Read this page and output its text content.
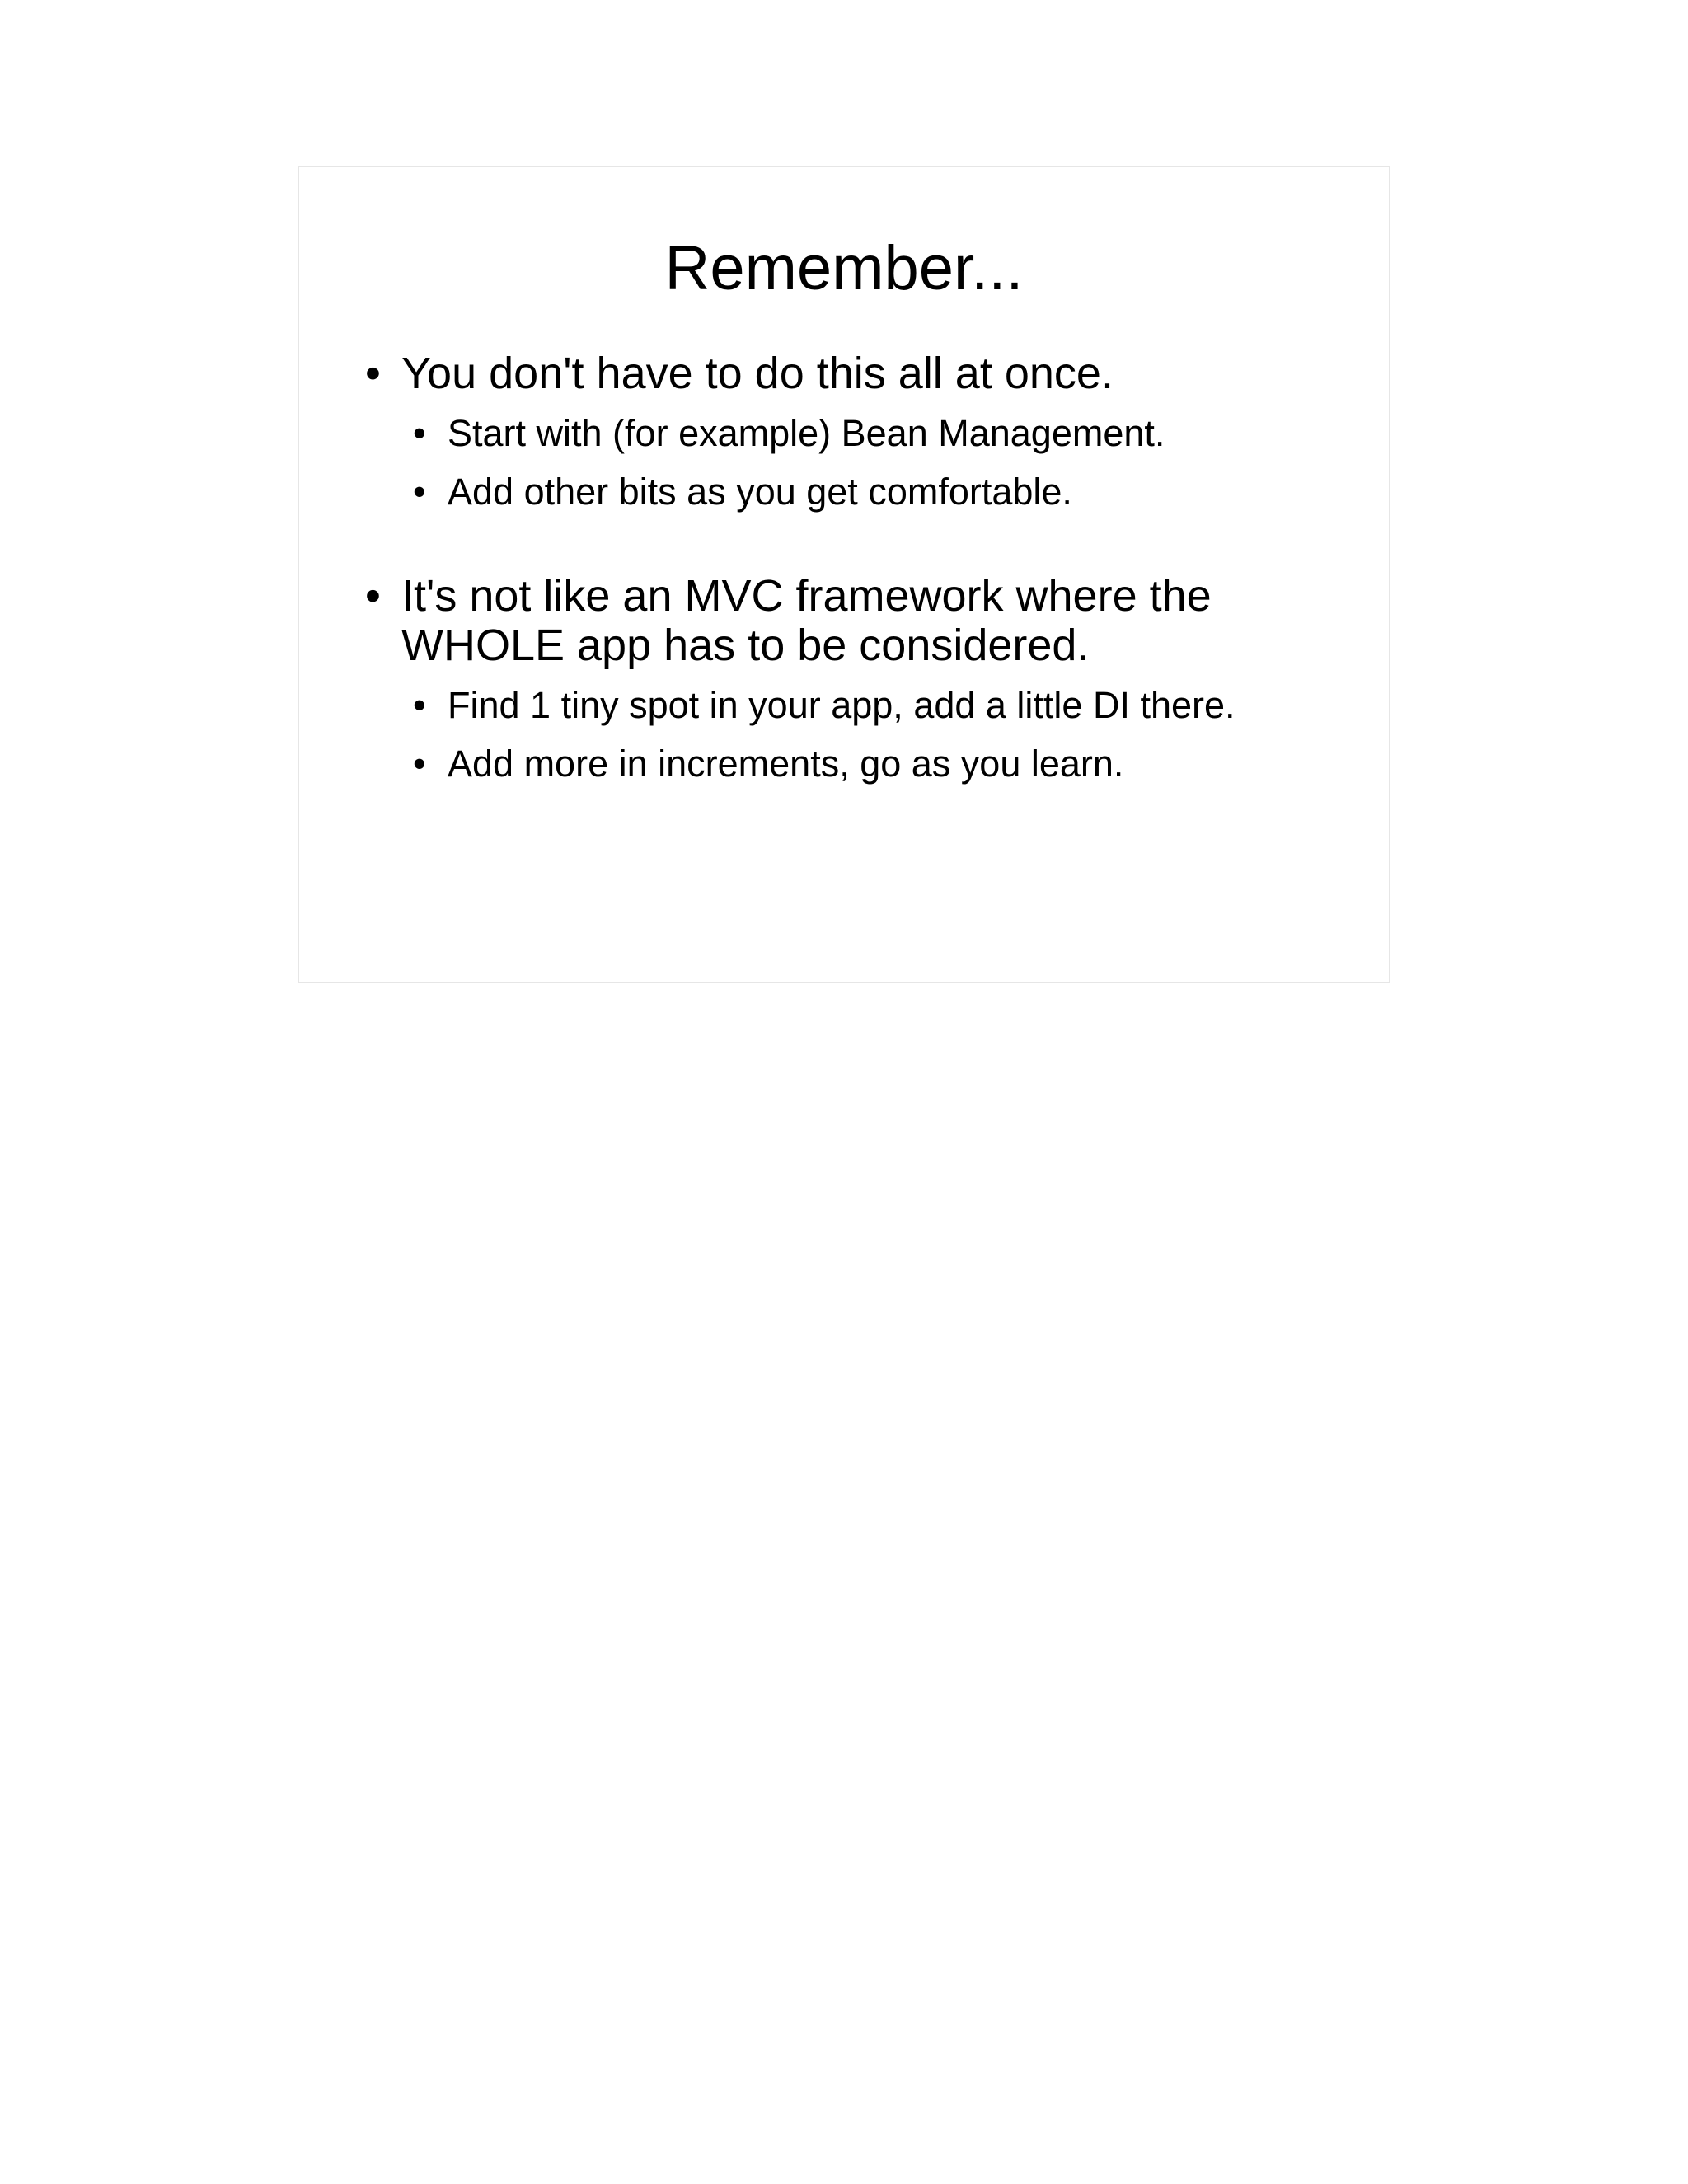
Remember...
• You don't have to do this all at once.
• Start with (for example) Bean Management.
• Add other bits as you get comfortable.
• It's not like an MVC framework where the WHOLE app has to be considered.
• Find 1 tiny spot in your app, add a little DI there.
• Add more in increments, go as you learn.
